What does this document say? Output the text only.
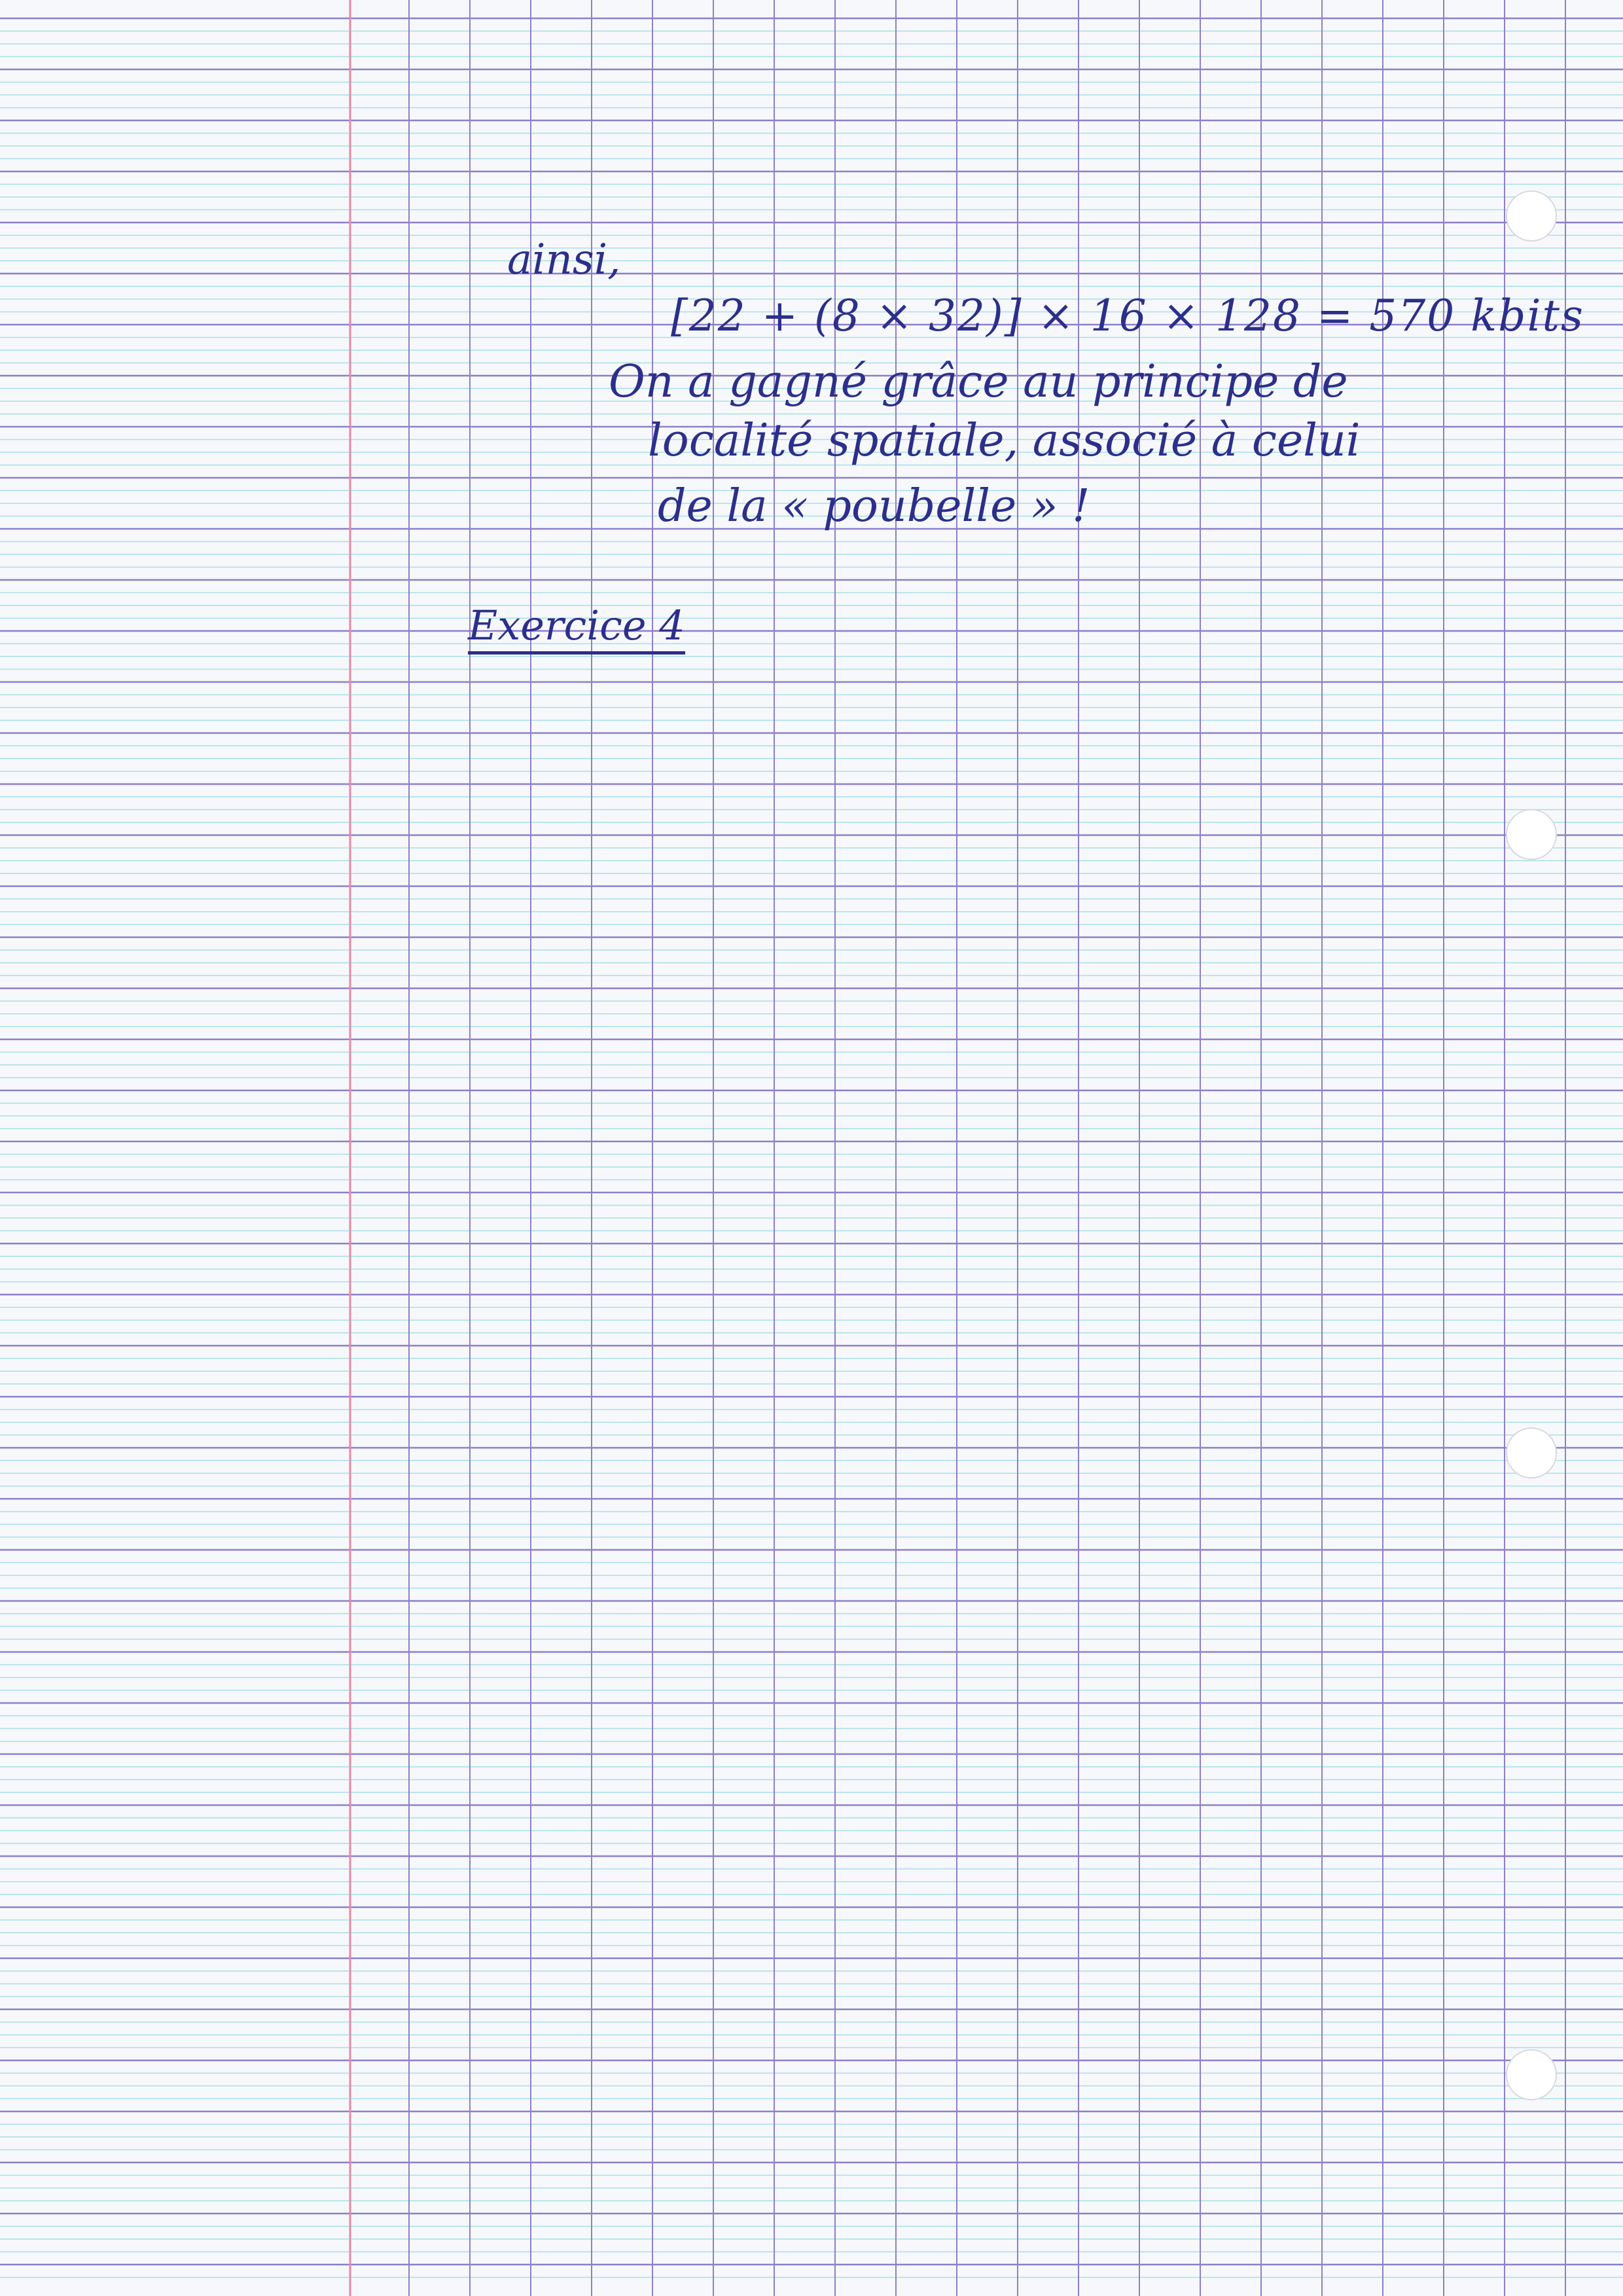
ainsi,
[22 + (8 × 32)] × 16 × 128 = 570 kbits
On a gagné grâce au principe de
localité spatiale, associé à celui
de la « poubelle » !
Exercice 4
